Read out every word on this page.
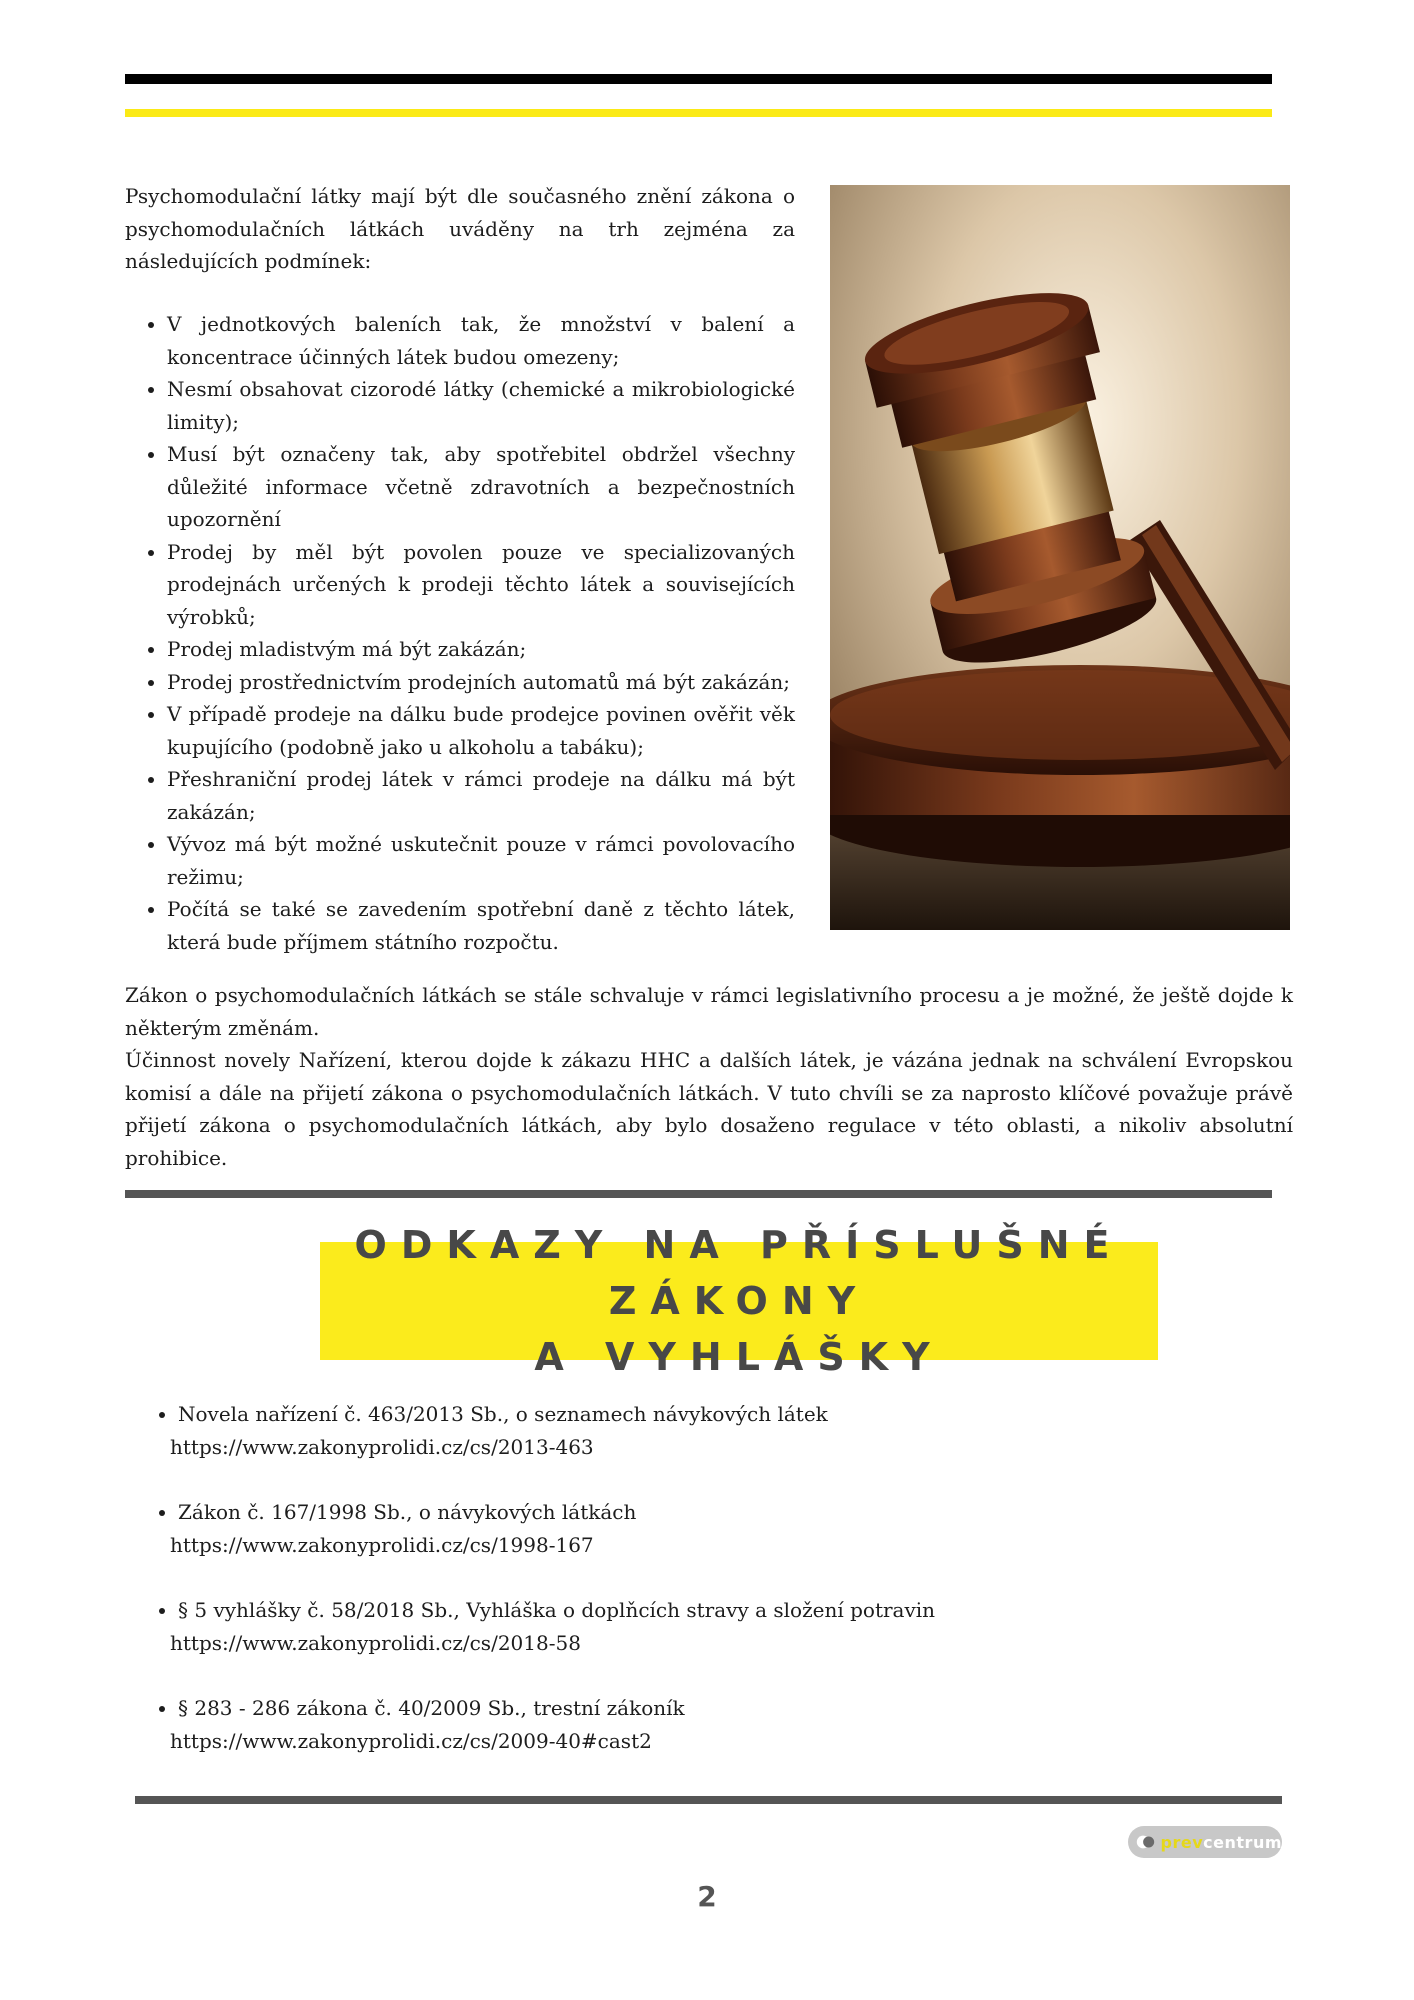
Psychomodulační látky mají být dle současného znění zákona o psychomodulačních látkách uváděny na trh zejména za následujících podmínek:

• V jednotkových baleních tak, že množství v balení a koncentrace účinných látek budou omezeny;
• Nesmí obsahovat cizorodé látky (chemické a mikrobiologické limity);
• Musí být označeny tak, aby spotřebitel obdržel všechny důležité informace včetně zdravotních a bezpečnostních upozornění
• Prodej by měl být povolen pouze ve specializovaných prodejnách určených k prodeji těchto látek a souvisejících výrobků;
• Prodej mladistvým má být zakázán;
• Prodej prostřednictvím prodejních automatů má být zakázán;
• V případě prodeje na dálku bude prodejce povinen ověřit věk kupujícího (podobně jako u alkoholu a tabáku);
• Přeshraniční prodej látek v rámci prodeje na dálku má být zakázán;
• Vývoz má být možné uskutečnit pouze v rámci povolovacího režimu;
• Počítá se také se zavedením spotřební daně z těchto látek, která bude příjmem státního rozpočtu.

Zákon o psychomodulačních látkách se stále schvaluje v rámci legislativního procesu a je možné, že ještě dojde k některým změnám.

Účinnost novely Nařízení, kterou dojde k zákazu HHC a dalších látek, je vázána jednak na schválení Evropskou komisí a dále na přijetí zákona o psychomodulačních látkách. V tuto chvíli se za naprosto klíčové považuje právě přijetí zákona o psychomodulačních látkách, aby bylo dosaženo regulace v této oblasti, a nikoliv absolutní prohibice.

ODKAZY NA PŘÍSLUŠNÉ ZÁKONY
A VYHLÁŠKY
• Novela nařízení č. 463/2013 Sb., o seznamech návykových látek
https://www.zakonyprolidi.cz/cs/2013-463
• Zákon č. 167/1998 Sb., o návykových látkách
https://www.zakonyprolidi.cz/cs/1998-167
• § 5 vyhlášky č. 58/2018 Sb., Vyhláška o doplňcích stravy a složení potravin
https://www.zakonyprolidi.cz/cs/2018-58
• § 283 - 286 zákona č. 40/2009 Sb., trestní zákoník
https://www.zakonyprolidi.cz/cs/2009-40#cast2
prevcentrum
2
